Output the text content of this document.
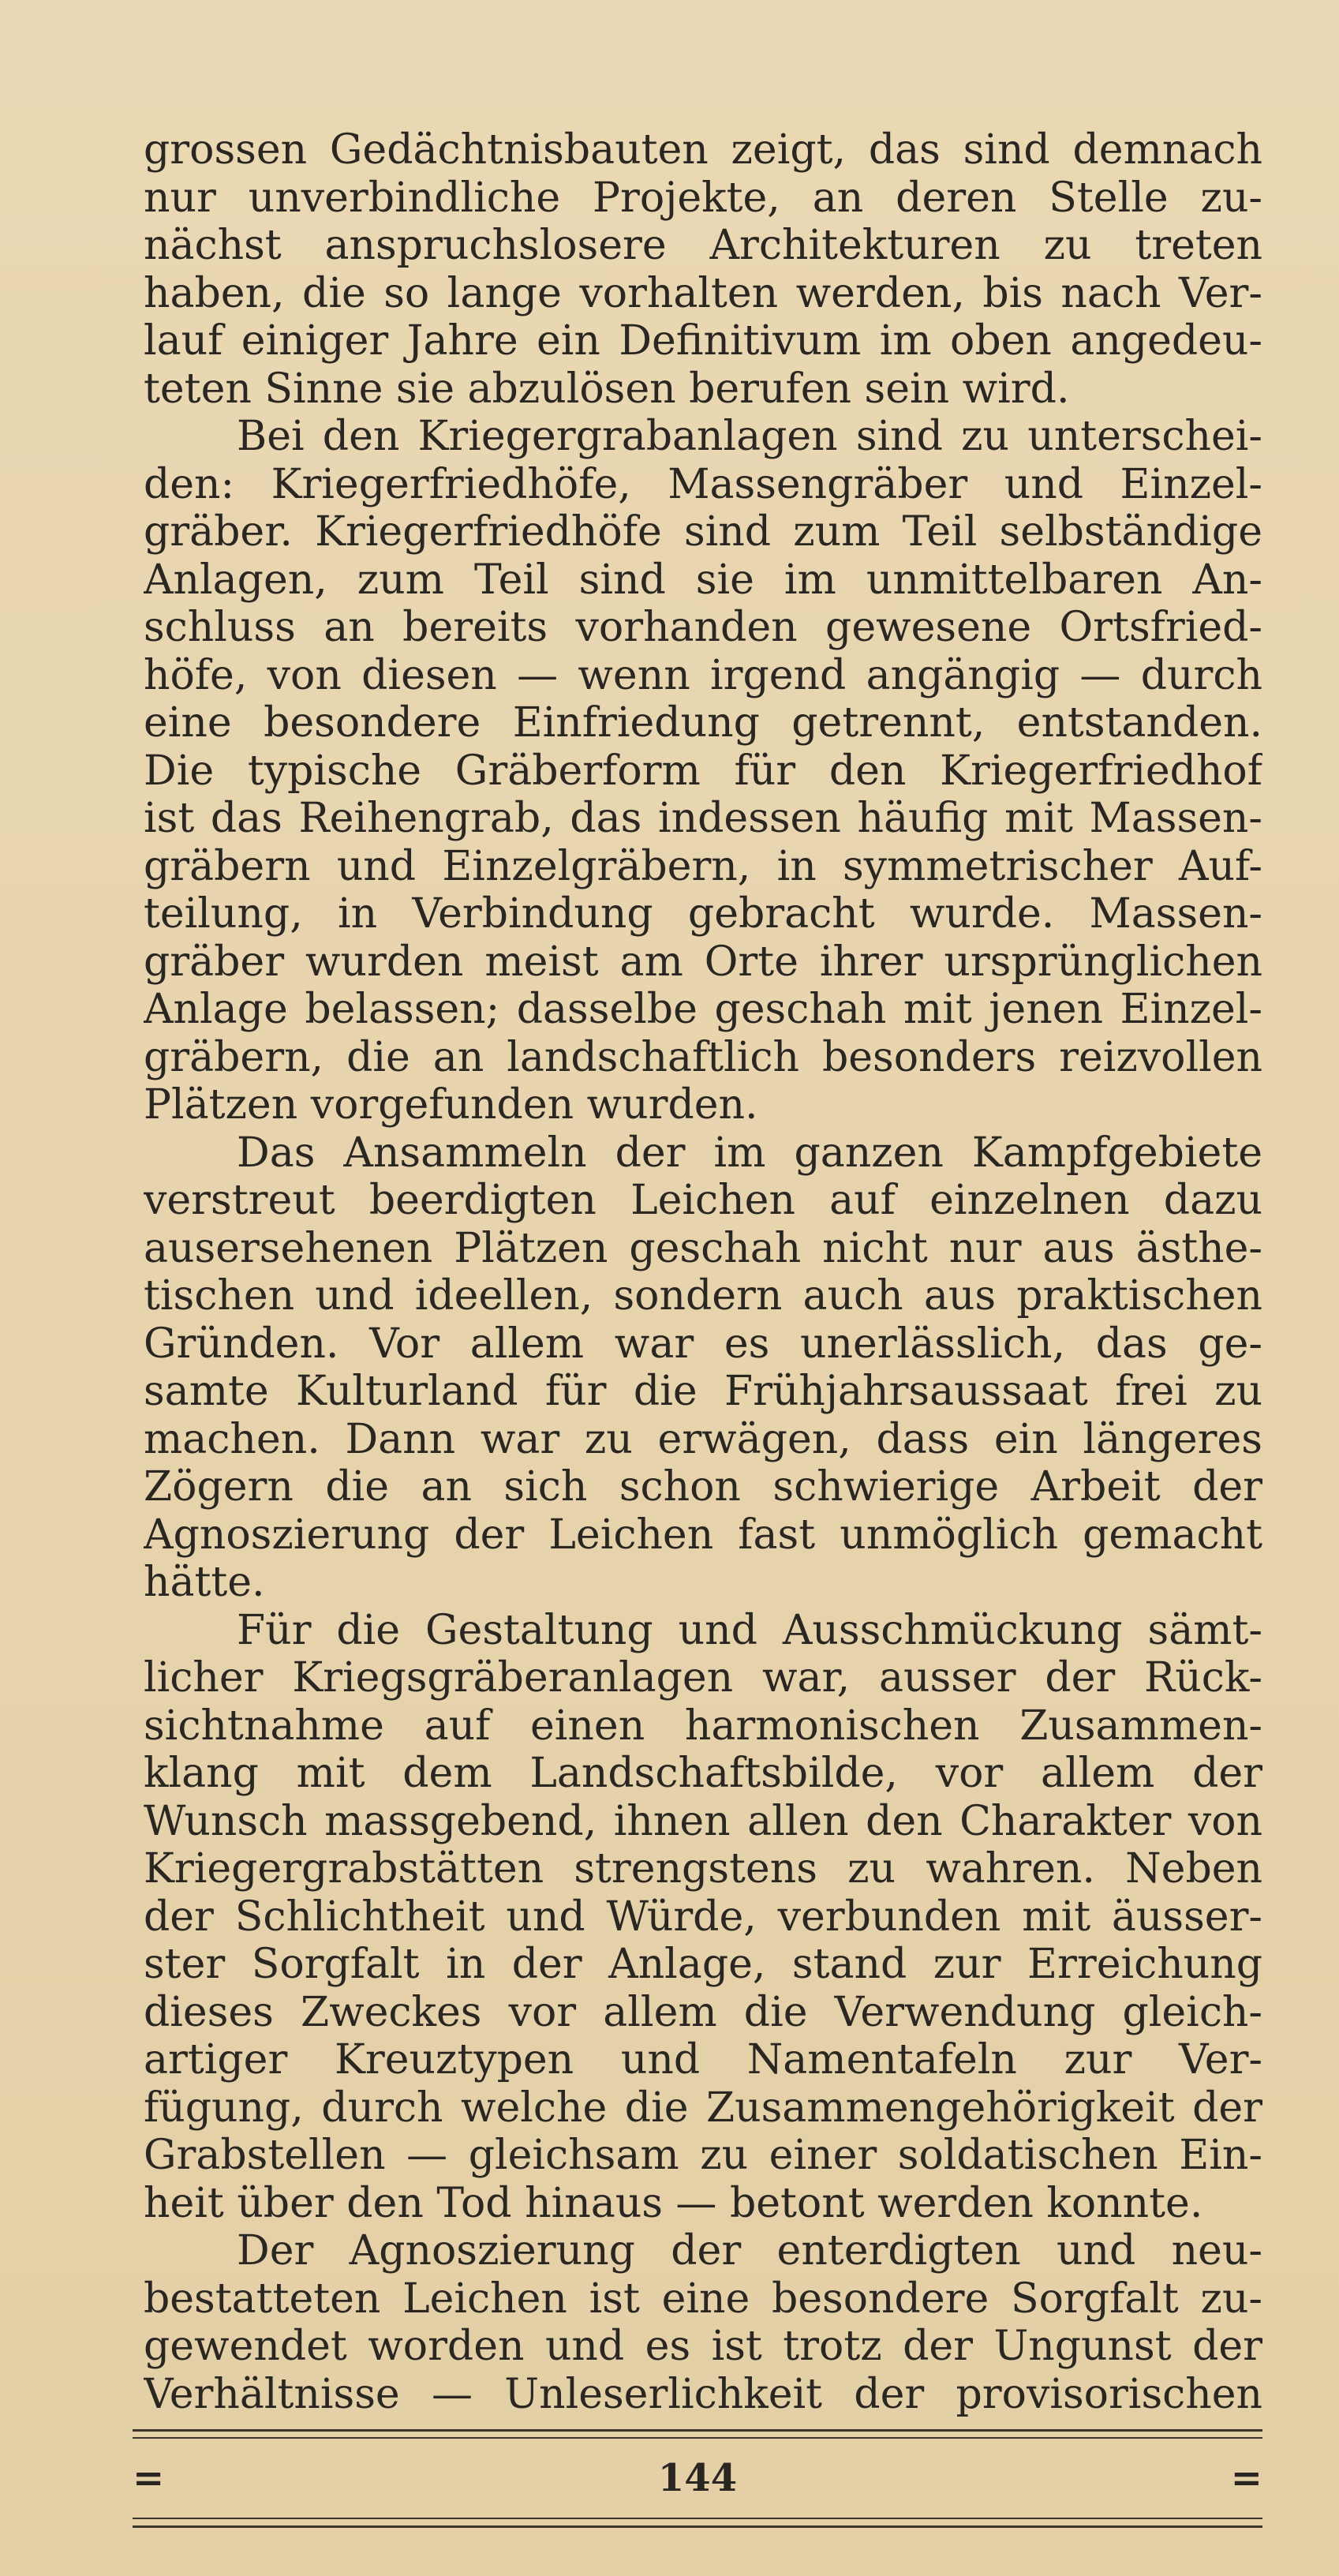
grossen Gedächtnisbauten zeigt, das sind demnach
nur unverbindliche Projekte, an deren Stelle zu-
nächst anspruchslosere Architekturen zu treten
haben, die so lange vorhalten werden, bis nach Ver-
lauf einiger Jahre ein Definitivum im oben angedeu-
teten Sinne sie abzulösen berufen sein wird.
Bei den Kriegergrabanlagen sind zu unterschei-
den: Kriegerfriedhöfe, Massengräber und Einzel-
gräber. Kriegerfriedhöfe sind zum Teil selbständige
Anlagen, zum Teil sind sie im unmittelbaren An-
schluss an bereits vorhanden gewesene Ortsfried-
höfe, von diesen — wenn irgend angängig — durch
eine besondere Einfriedung getrennt, entstanden.
Die typische Gräberform für den Kriegerfriedhof
ist das Reihengrab, das indessen häufig mit Massen-
gräbern und Einzelgräbern, in symmetrischer Auf-
teilung, in Verbindung gebracht wurde. Massen-
gräber wurden meist am Orte ihrer ursprünglichen
Anlage belassen; dasselbe geschah mit jenen Einzel-
gräbern, die an landschaftlich besonders reizvollen
Plätzen vorgefunden wurden.
Das Ansammeln der im ganzen Kampfgebiete
verstreut beerdigten Leichen auf einzelnen dazu
ausersehenen Plätzen geschah nicht nur aus ästhe-
tischen und ideellen, sondern auch aus praktischen
Gründen. Vor allem war es unerlässlich, das ge-
samte Kulturland für die Frühjahrsaussaat frei zu
machen. Dann war zu erwägen, dass ein längeres
Zögern die an sich schon schwierige Arbeit der
Agnoszierung der Leichen fast unmöglich gemacht
hätte.
Für die Gestaltung und Ausschmückung sämt-
licher Kriegsgräberanlagen war, ausser der Rück-
sichtnahme auf einen harmonischen Zusammen-
klang mit dem Landschaftsbilde, vor allem der
Wunsch massgebend, ihnen allen den Charakter von
Kriegergrabstätten strengstens zu wahren. Neben
der Schlichtheit und Würde, verbunden mit äusser-
ster Sorgfalt in der Anlage, stand zur Erreichung
dieses Zweckes vor allem die Verwendung gleich-
artiger Kreuztypen und Namentafeln zur Ver-
fügung, durch welche die Zusammengehörigkeit der
Grabstellen — gleichsam zu einer soldatischen Ein-
heit über den Tod hinaus — betont werden konnte.
Der Agnoszierung der enterdigten und neu-
bestatteten Leichen ist eine besondere Sorgfalt zu-
gewendet worden und es ist trotz der Ungunst der
Verhältnisse — Unleserlichkeit der provisorischen
=	144	=
